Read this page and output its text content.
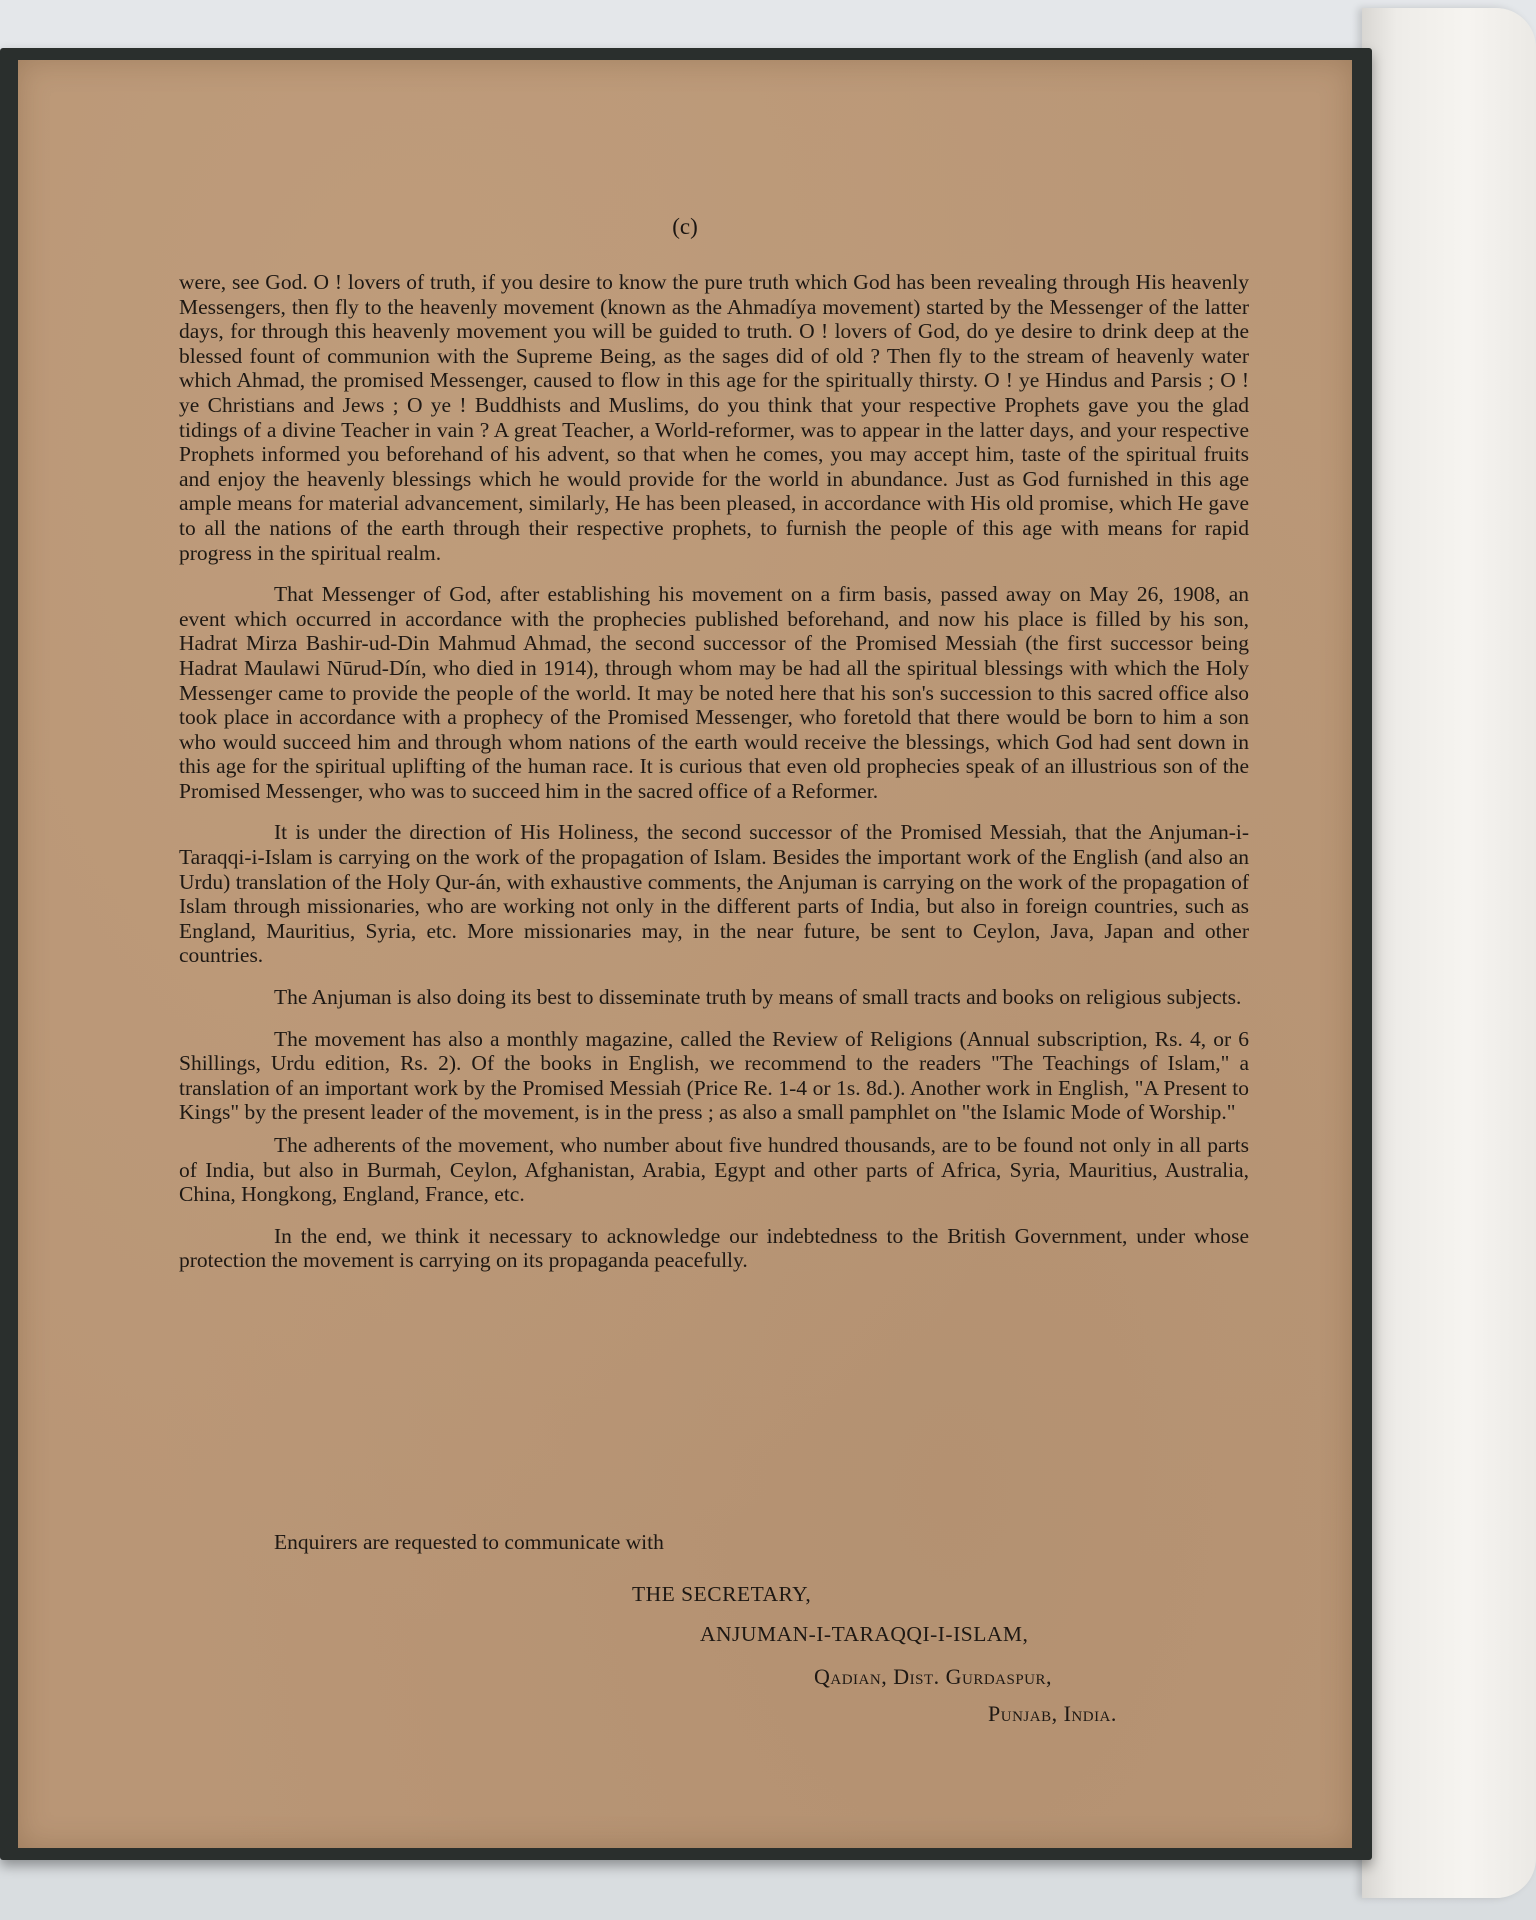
(c)

were, see God. O ! lovers of truth, if you desire to know the pure truth which God has been revealing through His heavenly Messengers, then fly to the heavenly movement (known as the Ahmadíya movement) started by the Messenger of the latter days, for through this heavenly movement you will be guided to truth. O ! lovers of God, do ye desire to drink deep at the blessed fount of communion with the Supreme Being, as the sages did of old ? Then fly to the stream of heavenly water which Ahmad, the promised Messenger, caused to flow in this age for the spiritually thirsty. O ! ye Hindus and Parsis ; O ! ye Christians and Jews ; O ye ! Buddhists and Muslims, do you think that your respective Prophets gave you the glad tidings of a divine Teacher in vain ? A great Teacher, a World-reformer, was to appear in the latter days, and your respective Prophets informed you beforehand of his advent, so that when he comes, you may accept him, taste of the spiritual fruits and enjoy the heavenly blessings which he would provide for the world in abundance. Just as God furnished in this age ample means for material advancement, similarly, He has been pleased, in accordance with His old promise, which He gave to all the nations of the earth through their respective prophets, to furnish the people of this age with means for rapid progress in the spiritual realm.

That Messenger of God, after establishing his movement on a firm basis, passed away on May 26, 1908, an event which occurred in accordance with the prophecies published beforehand, and now his place is filled by his son, Hadrat Mirza Bashir-ud-Din Mahmud Ahmad, the second successor of the Promised Messiah (the first successor being Hadrat Maulawi Nūrud-Dín, who died in 1914), through whom may be had all the spiritual blessings with which the Holy Messenger came to provide the people of the world. It may be noted here that his son's succession to this sacred office also took place in accordance with a prophecy of the Promised Messenger, who foretold that there would be born to him a son who would succeed him and through whom nations of the earth would receive the blessings, which God had sent down in this age for the spiritual uplifting of the human race. It is curious that even old prophecies speak of an illustrious son of the Promised Messenger, who was to succeed him in the sacred office of a Reformer.

It is under the direction of His Holiness, the second successor of the Promised Messiah, that the Anjuman-i-Taraqqi-i-Islam is carrying on the work of the propagation of Islam. Besides the important work of the English (and also an Urdu) translation of the Holy Qur-án, with exhaustive comments, the Anjuman is carrying on the work of the propagation of Islam through missionaries, who are working not only in the different parts of India, but also in foreign countries, such as England, Mauritius, Syria, etc. More missionaries may, in the near future, be sent to Ceylon, Java, Japan and other countries.

The Anjuman is also doing its best to disseminate truth by means of small tracts and books on religious subjects.

The movement has also a monthly magazine, called the Review of Religions (Annual subscription, Rs. 4, or 6 Shillings, Urdu edition, Rs. 2). Of the books in English, we recommend to the readers "The Teachings of Islam," a translation of an important work by the Promised Messiah (Price Re. 1-4 or 1s. 8d.). Another work in English, "A Present to Kings" by the present leader of the movement, is in the press ; as also a small pamphlet on "the Islamic Mode of Worship."

The adherents of the movement, who number about five hundred thousands, are to be found not only in all parts of India, but also in Burmah, Ceylon, Afghanistan, Arabia, Egypt and other parts of Africa, Syria, Mauritius, Australia, China, Hongkong, England, France, etc.

In the end, we think it necessary to acknowledge our indebtedness to the British Government, under whose protection the movement is carrying on its propaganda peacefully.

Enquirers are requested to communicate with
THE SECRETARY,
ANJUMAN-I-TARAQQI-I-ISLAM,
Qadian, Dist. Gurdaspur,
Punjab, India.
